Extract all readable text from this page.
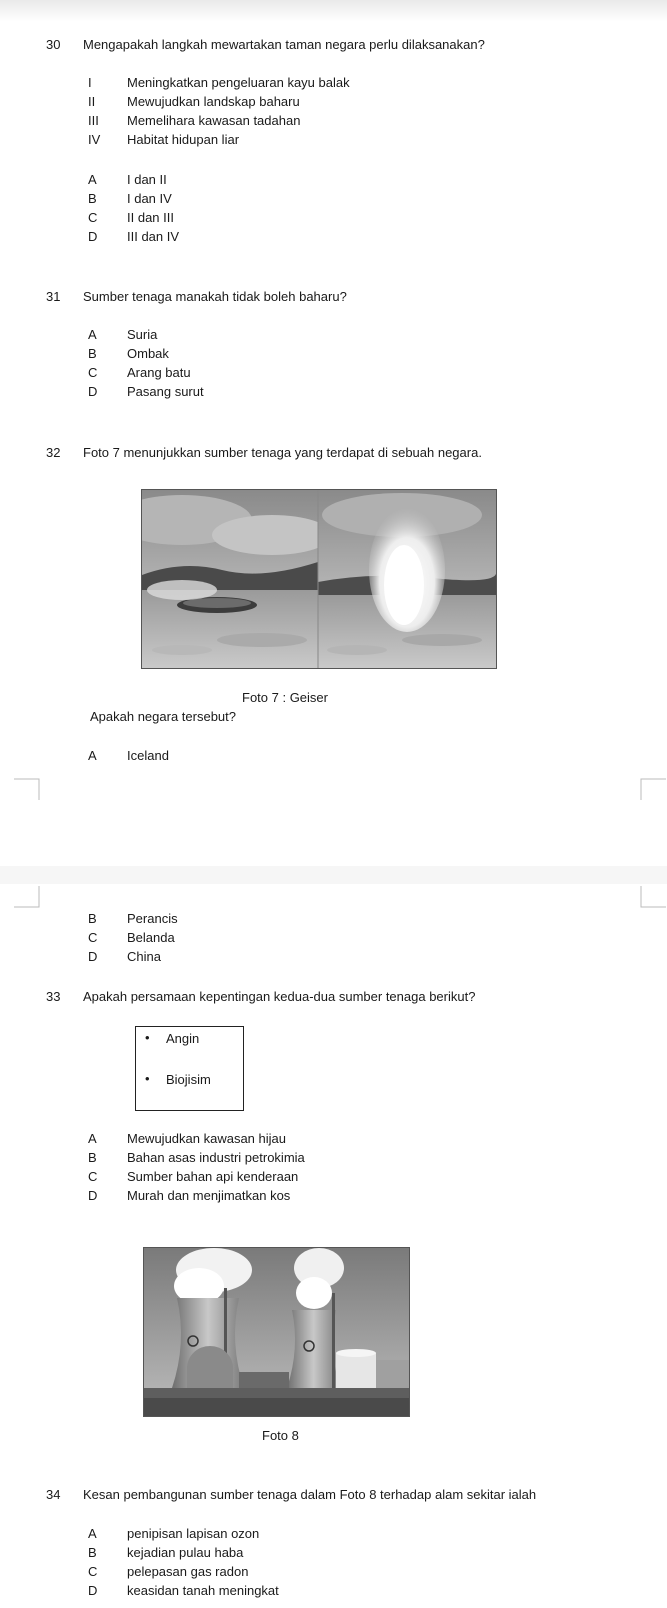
30 Mengapakah langkah mewartakan taman negara perlu dilaksanakan?
I	Meningkatkan pengeluaran kayu balak
II Mewujudkan landskap baharu
III Memelihara kawasan tadahan
IV Habitat hidupan liar
A I dan II
B I dan IV
C II dan III
D III dan IV
31 Sumber tenaga manakah tidak boleh baharu?
A Suria
B Ombak
C Arang batu
D Pasang surut
32 Foto 7 menunjukkan sumber tenaga yang terdapat di sebuah negara.
Foto 7 : Geiser
Apakah negara tersebut?
A Iceland
B Perancis
C Belanda
D China
33 Apakah persamaan kepentingan kedua-dua sumber tenaga berikut?
• Angin
• Biojisim
A Mewujudkan kawasan hijau
B Bahan asas industri petrokimia
C Sumber bahan api kenderaan
D Murah dan menjimatkan kos
Foto 8
34 Kesan pembangunan sumber tenaga dalam Foto 8 terhadap alam sekitar ialah
A penipisan lapisan ozon
B kejadian pulau haba
C pelepasan gas radon
D keasidan tanah meningkat
